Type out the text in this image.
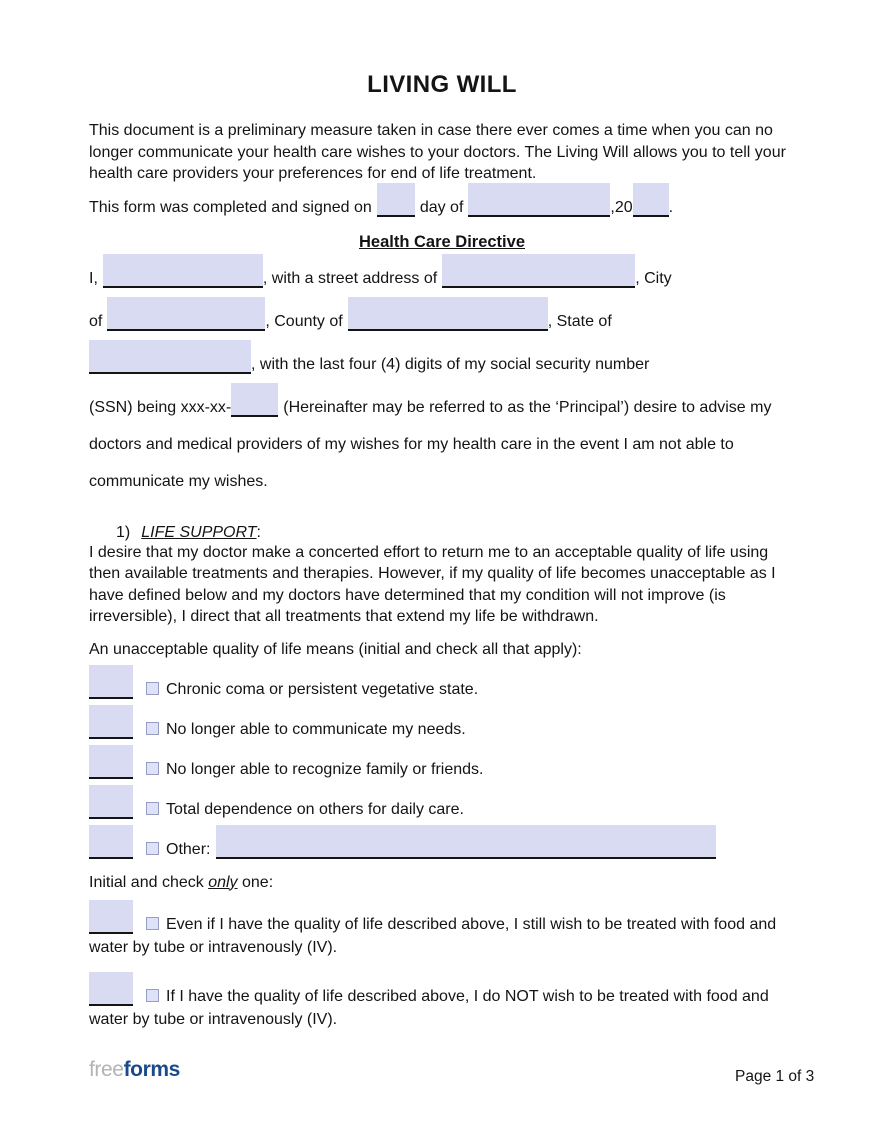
LIVING WILL
This document is a preliminary measure taken in case there ever comes a time when you can no
longer communicate your health care wishes to your doctors. The Living Will allows you to tell your
health care providers your preferences for end of life treatment.
This form was completed and signed on	day of	,20 .
Health Care Directive
I,	, with a street address of	, City
of	, County of	, State of
, with the last four (4) digits of my social security number
(SSN) being xxx-xx-	(Hereinafter may be referred to as the ‘Principal’) desire to advise my
doctors and medical providers of my wishes for my health care in the event I am not able to
communicate my wishes.
1) LIFE SUPPORT:
I desire that my doctor make a concerted effort to return me to an acceptable quality of life using
then available treatments and therapies. However, if my quality of life becomes unacceptable as I
have defined below and my doctors have determined that my condition will not improve (is
irreversible), I direct that all treatments that extend my life be withdrawn.
An unacceptable quality of life means (initial and check all that apply):
Chronic coma or persistent vegetative state.
No longer able to communicate my needs.
No longer able to recognize family or friends.
Total dependence on others for daily care.
Other:
Initial and check only one:
Even if I have the quality of life described above, I still wish to be treated with food and
water by tube or intravenously (IV).
If I have the quality of life described above, I do NOT wish to be treated with food and
water by tube or intravenously (IV).
freeforms	Page 1 of 3
